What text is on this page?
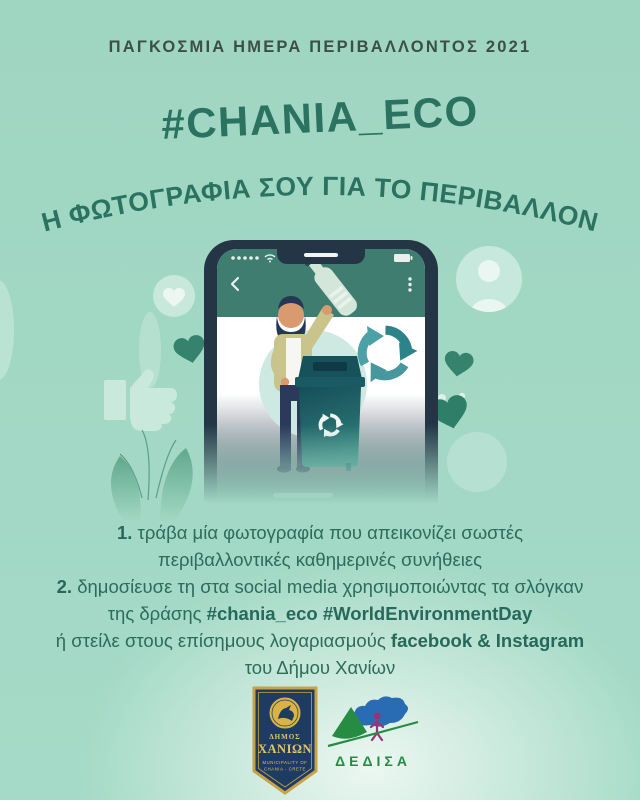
ΠΑΓΚΟΣΜΙΑ ΗΜΕΡΑ ΠΕΡΙΒΑΛΛΟΝΤΟΣ 2021
#CHANIA_ECO
Η ΦΩΤΟΓΡΑΦΙΑ ΣΟΥ ΓΙΑ ΤΟ ΠΕΡΙΒΑΛΛΟΝ
1. τράβα μία φωτογραφία που απεικονίζει σωστές
περιβαλλοντικές καθημερινές συνήθειες
2. δημοσίευσε τη στα social media χρησιμοποιώντας τα σλόγκαν
της δράσης #chania_eco #WorldEnvironmentDay
ή στείλε στους επίσημους λογαριασμούς facebook & Instagram
του Δήμου Χανίων
ΔΗΜΟΣ
ΧΑΝΙΩΝ
MUNICIPALITY OF
CHANIA - CRETE ΔΕΔΙΣΑ
